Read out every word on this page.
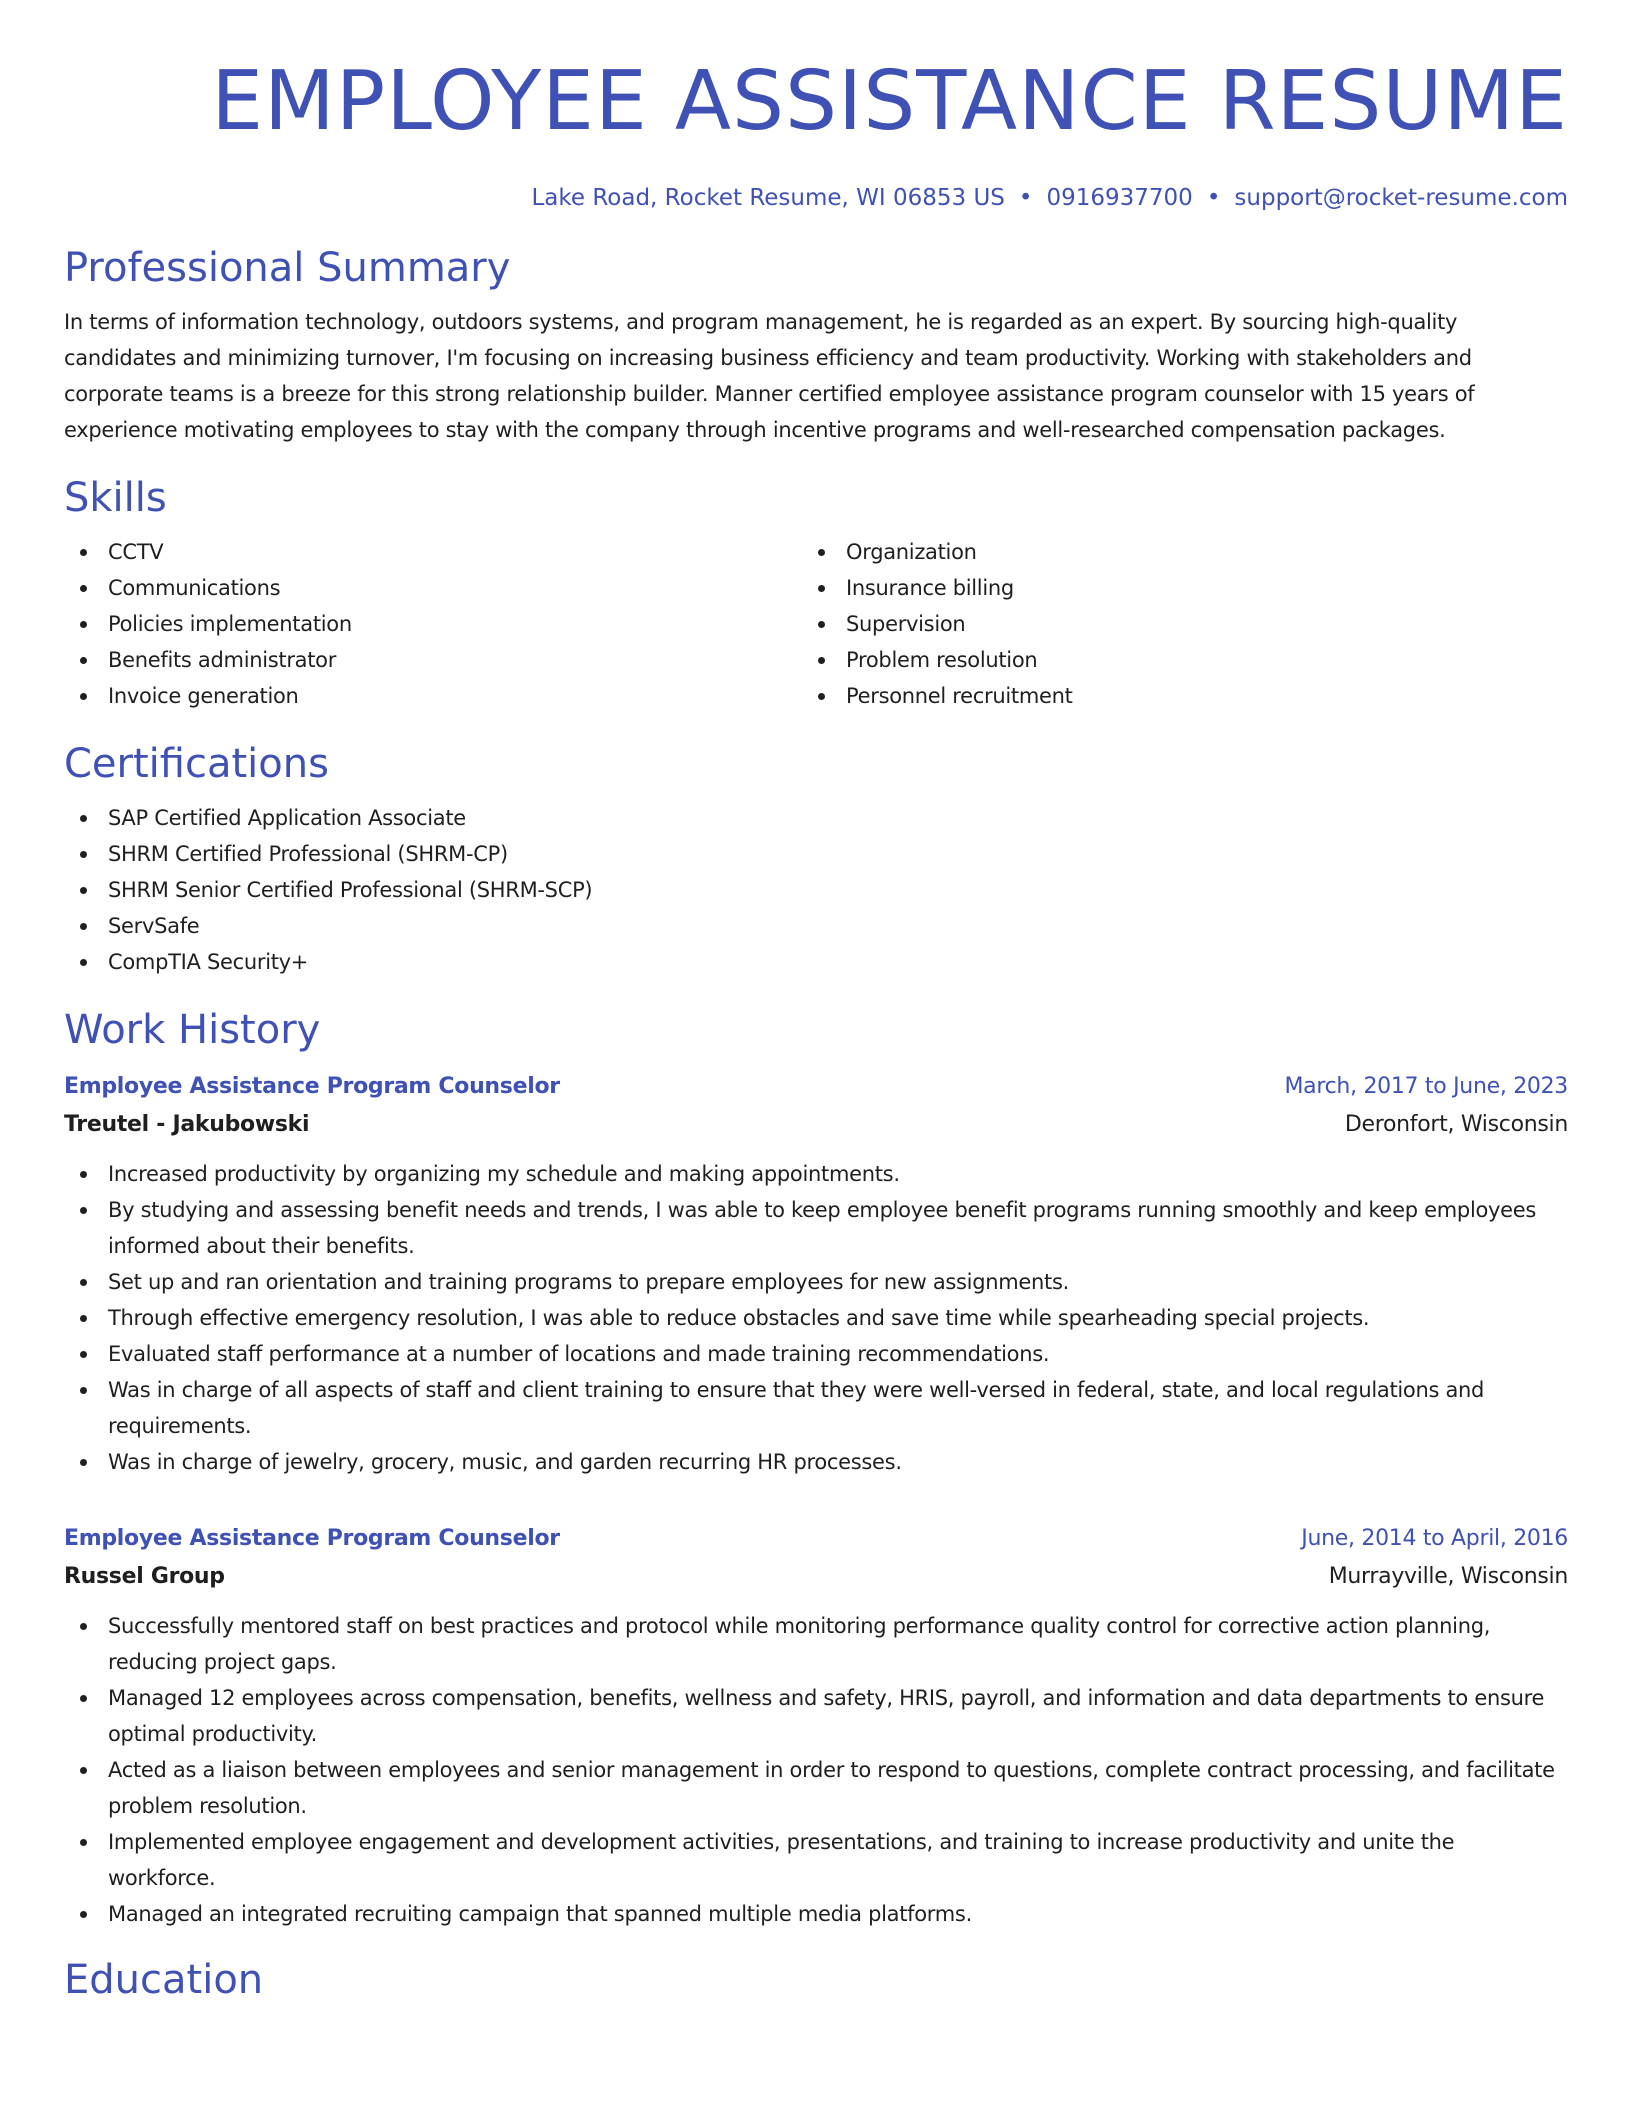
EMPLOYEE ASSISTANCE RESUME
Lake Road, Rocket Resume, WI 06853 US • 0916937700 • support@rocket-resume.com
Professional Summary

In terms of information technology, outdoors systems, and program management, he is regarded as an expert. By sourcing high-quality candidates and minimizing turnover, I'm focusing on increasing business efficiency and team productivity. Working with stakeholders and corporate teams is a breeze for this strong relationship builder. Manner certified employee assistance program counselor with 15 years of experience motivating employees to stay with the company through incentive programs and well-researched compensation packages.

Skills
CCTV
Communications
Policies implementation
Benefits administrator
Invoice generation
Organization
Insurance billing
Supervision
Problem resolution
Personnel recruitment
Certifications
SAP Certified Application Associate
SHRM Certified Professional (SHRM-CP)
SHRM Senior Certified Professional (SHRM-SCP)
ServSafe
CompTIA Security+
Work History
Employee Assistance Program Counselor	March, 2017 to June, 2023
Treutel - Jakubowski	Deronfort, Wisconsin
Increased productivity by organizing my schedule and making appointments.
By studying and assessing benefit needs and trends, I was able to keep employee benefit programs running smoothly and keep employees informed about their benefits.
Set up and ran orientation and training programs to prepare employees for new assignments.
Through effective emergency resolution, I was able to reduce obstacles and save time while spearheading special projects.
Evaluated staff performance at a number of locations and made training recommendations.
Was in charge of all aspects of staff and client training to ensure that they were well-versed in federal, state, and local regulations and requirements.
Was in charge of jewelry, grocery, music, and garden recurring HR processes.
Employee Assistance Program Counselor	June, 2014 to April, 2016
Russel Group	Murrayville, Wisconsin
Successfully mentored staff on best practices and protocol while monitoring performance quality control for corrective action planning, reducing project gaps.
Managed 12 employees across compensation, benefits, wellness and safety, HRIS, payroll, and information and data departments to ensure optimal productivity.
Acted as a liaison between employees and senior management in order to respond to questions, complete contract processing, and facilitate problem resolution.
Implemented employee engagement and development activities, presentations, and training to increase productivity and unite the workforce.
Managed an integrated recruiting campaign that spanned multiple media platforms.
Education
